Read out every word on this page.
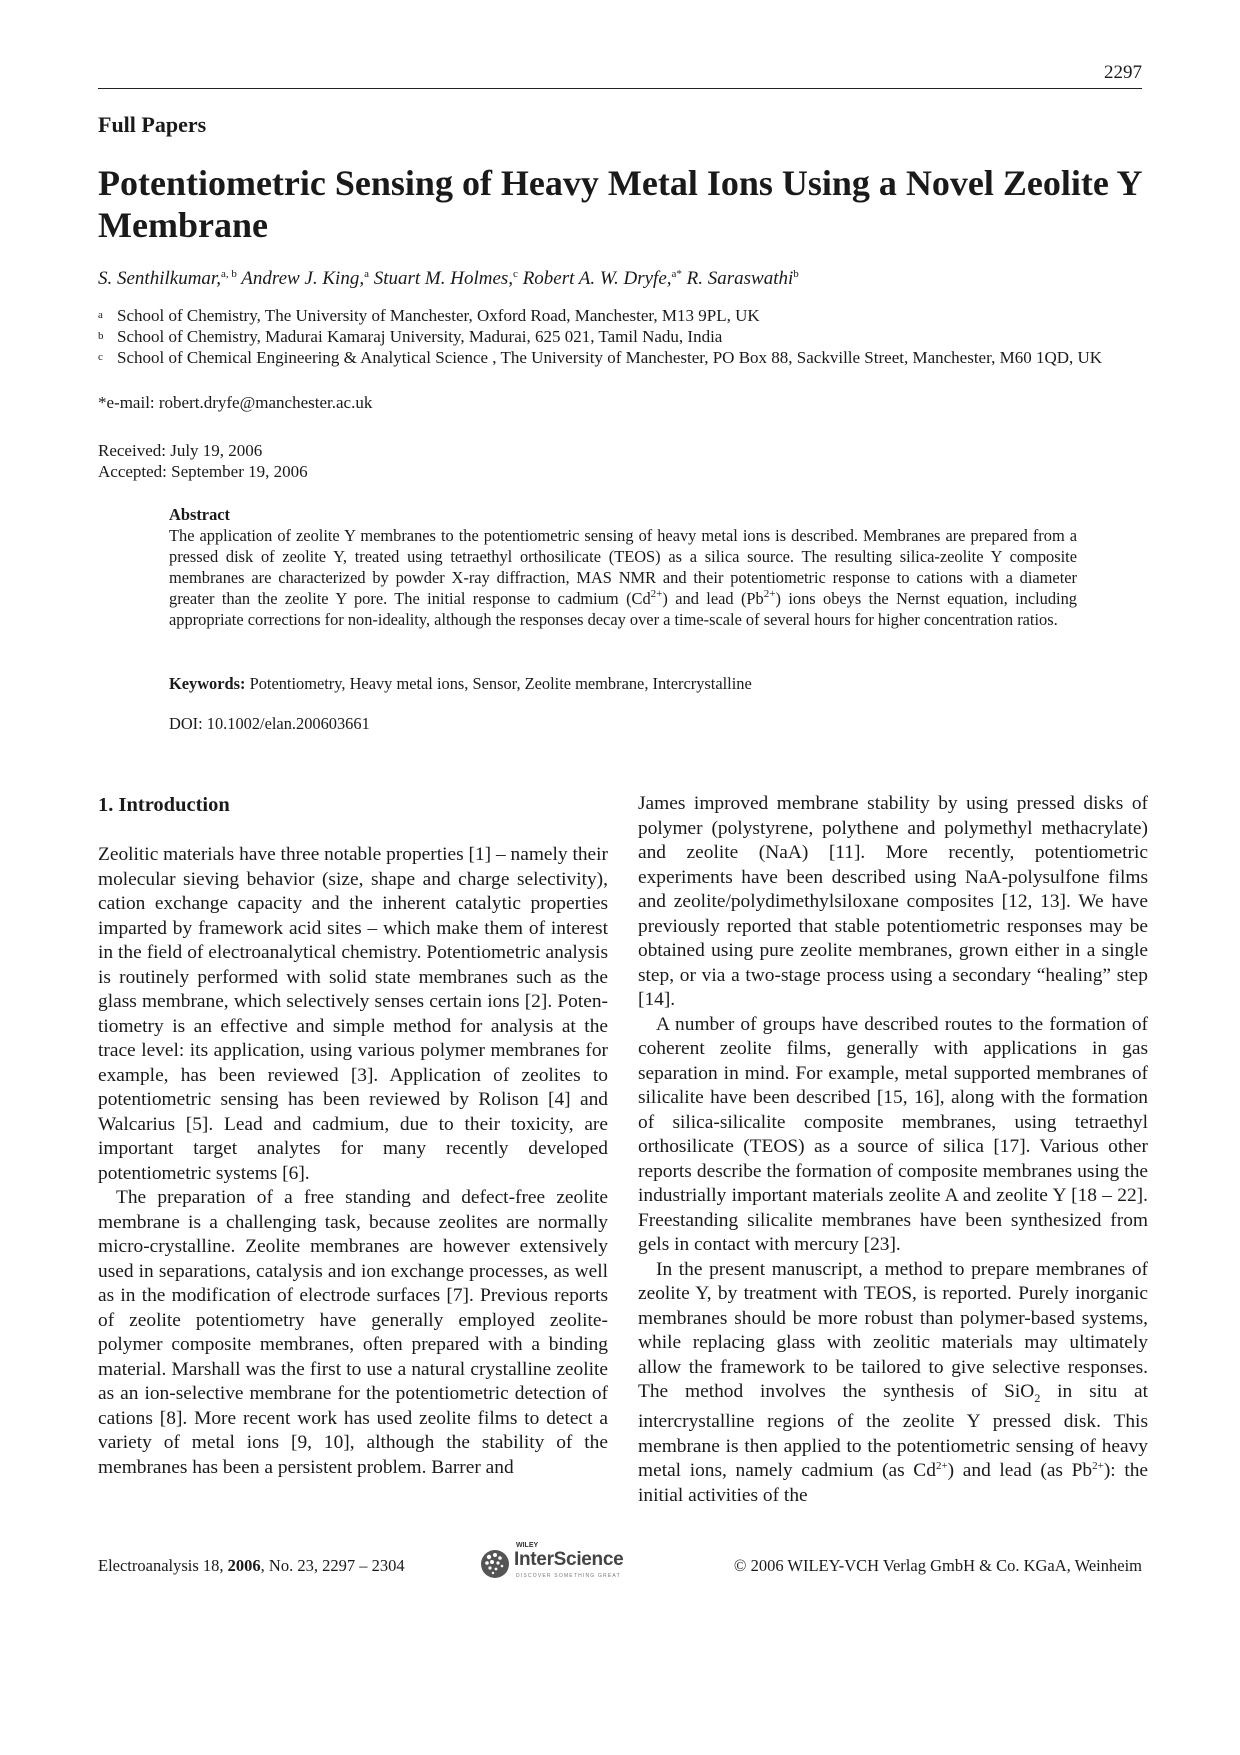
2297
Full Papers
Potentiometric Sensing of Heavy Metal Ions Using a Novel Zeolite Y Membrane
S. Senthilkumar,$^{a, b}$ Andrew J. King,$^a$ Stuart M. Holmes,$^c$ Robert A. W. Dryfe,$^{a*}$ R. Saraswathi$^b$
a School of Chemistry, The University of Manchester, Oxford Road, Manchester, M13 9PL, UK
b School of Chemistry, Madurai Kamaraj University, Madurai, 625 021, Tamil Nadu, India
c School of Chemical Engineering & Analytical Science , The University of Manchester, PO Box 88, Sackville Street, Manchester, M60 1QD, UK
*e-mail: robert.dryfe@manchester.ac.uk
Received: July 19, 2006
Accepted: September 19, 2006
Abstract
The application of zeolite Y membranes to the potentiometric sensing of heavy metal ions is described. Membranes are prepared from a pressed disk of zeolite Y, treated using tetraethyl orthosilicate (TEOS) as a silica source. The resulting silica-zeolite Y composite membranes are characterized by powder X-ray diffraction, MAS NMR and their potentiometric response to cations with a diameter greater than the zeolite Y pore. The initial response to cadmium $(Cd^{2+})$ and lead $(Pb^{2+})$ ions obeys the Nernst equation, including appropriate corrections for non-ideality, although the responses decay over a time-scale of several hours for higher concentration ratios.
Keywords: Potentiometry, Heavy metal ions, Sensor, Zeolite membrane, Intercrystalline
DOI: 10.1002/elan.200603661
1. Introduction

Zeolitic materials have three notable properties [1] – namely their molecular sieving behavior (size, shape and charge selectivity), cation exchange capacity and the inherent catalytic properties imparted by framework acid sites – which make them of interest in the field of electroanalytical chemistry. Potentiometric analysis is routinely performed with solid state membranes such as the glass membrane, which selectively senses certain ions [2]. Potentiometry is an effective and simple method for analysis at the trace level: its application, using various polymer membranes for example, has been reviewed [3]. Application of zeolites to potentiometric sensing has been reviewed by Rolison [4] and Walcarius [5]. Lead and cadmium, due to their toxicity, are important target analytes for many recently developed potentiometric systems [6].

The preparation of a free standing and defect-free zeolite membrane is a challenging task, because zeolites are normally micro-crystalline. Zeolite membranes are however extensively used in separations, catalysis and ion exchange processes, as well as in the modification of electrode surfaces [7]. Previous reports of zeolite potentiometry have generally employed zeolite-polymer composite membranes, often prepared with a binding material. Marshall was the first to use a natural crystalline zeolite as an ion-selective membrane for the potentiometric detection of cations [8]. More recent work has used zeolite films to detect a variety of metal ions [9, 10], although the stability of the membranes has been a persistent problem. Barrer and

James improved membrane stability by using pressed disks of polymer (polystyrene, polythene and polymethyl methacrylate) and zeolite (NaA) [11]. More recently, potentiometric experiments have been described using NaA-polysulfone films and zeolite/polydimethylsiloxane composites [12, 13]. We have previously reported that stable potentiometric responses may be obtained using pure zeolite membranes, grown either in a single step, or via a two-stage process using a secondary “healing” step [14].

A number of groups have described routes to the formation of coherent zeolite films, generally with applications in gas separation in mind. For example, metal supported membranes of silicalite have been described [15, 16], along with the formation of silica-silicalite composite membranes, using tetraethyl orthosilicate (TEOS) as a source of silica [17]. Various other reports describe the formation of composite membranes using the industrially important materials zeolite A and zeolite Y [18 – 22]. Freestanding silicalite membranes have been synthesized from gels in contact with mercury [23].

In the present manuscript, a method to prepare membranes of zeolite Y, by treatment with TEOS, is reported. Purely inorganic membranes should be more robust than polymer-based systems, while replacing glass with zeolitic materials may ultimately allow the framework to be tailored to give selective responses. The method involves the synthesis of SiO$_2$ in situ at intercrystalline regions of the zeolite Y pressed disk. This membrane is then applied to the potentiometric sensing of heavy metal ions, namely cadmium (as $Cd^{2+}$) and lead (as $Pb^{2+}$): the initial activities of the

Electroanalysis 18, 2006, No. 23, 2297 – 2304
WILEY
InterScience
DISCOVER SOMETHING GREAT
© 2006 WILEY-VCH Verlag GmbH & Co. KGaA, Weinheim
